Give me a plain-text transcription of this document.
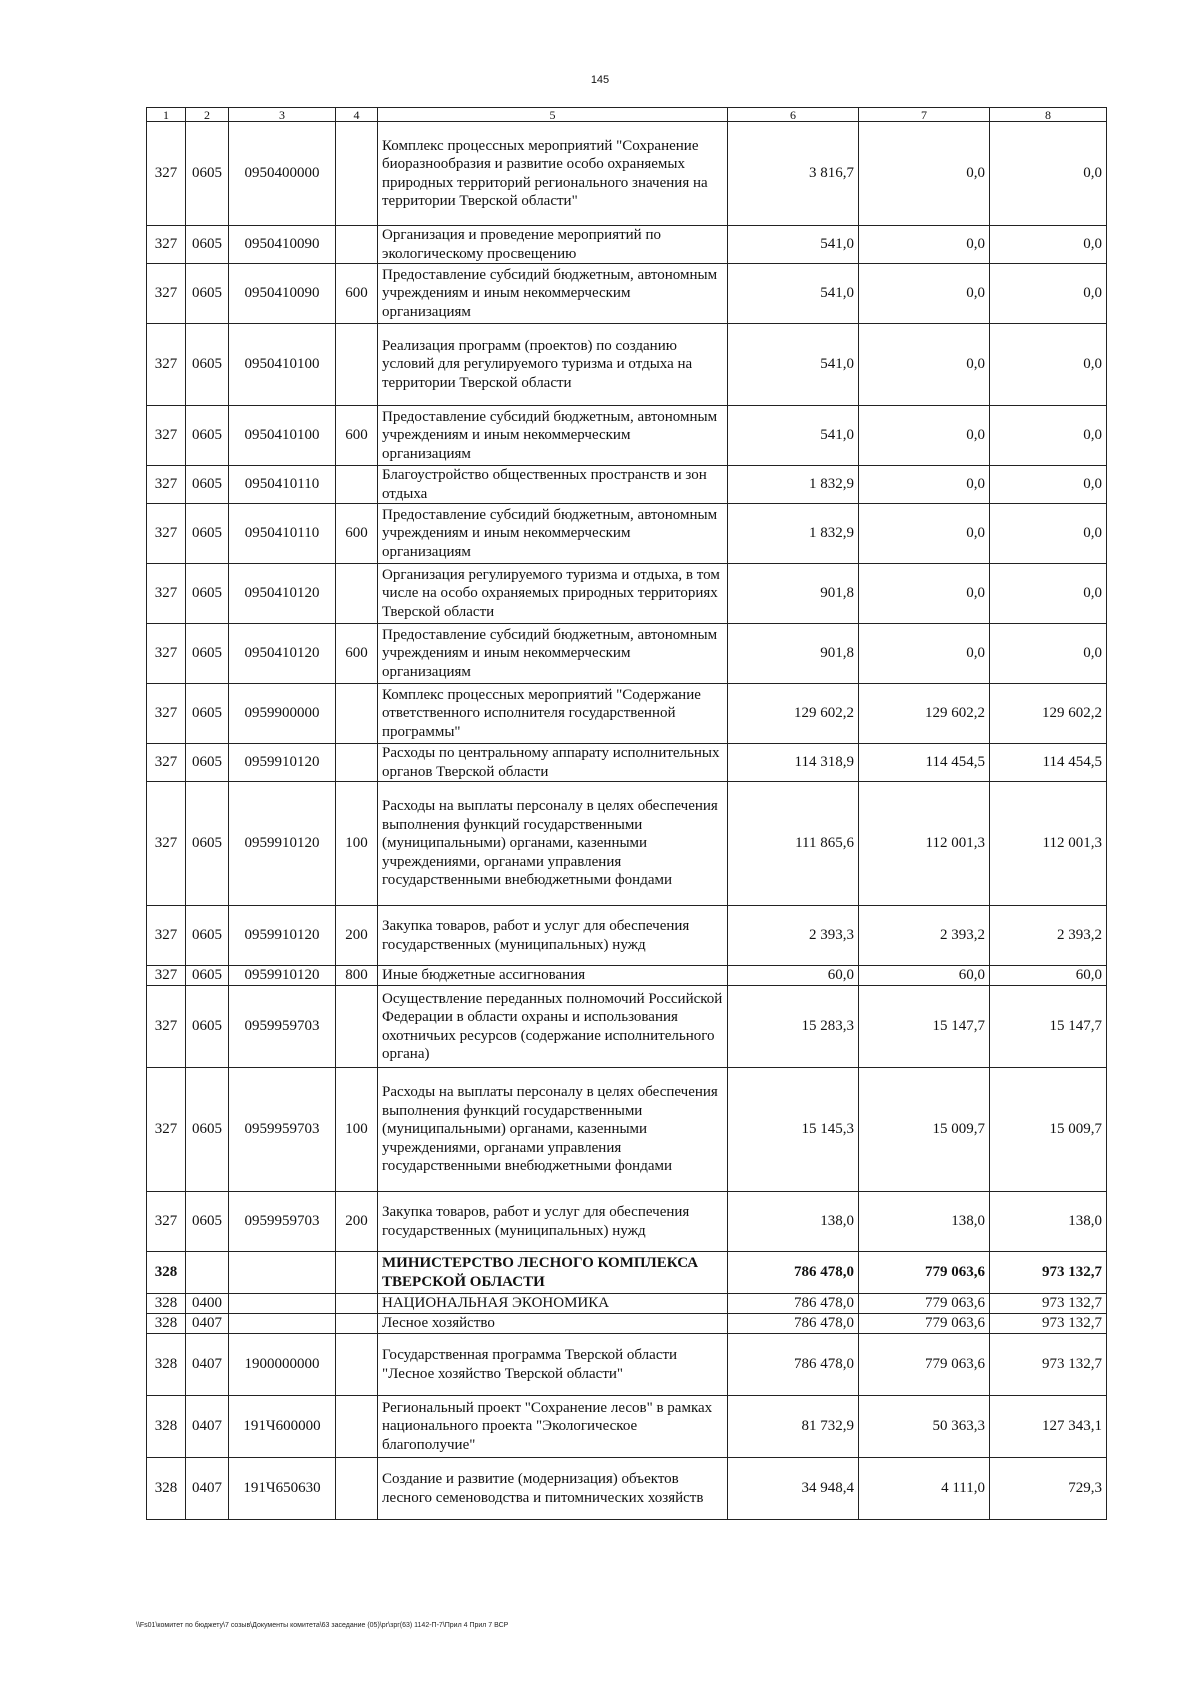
145
1	2	3	4	5	6	7	8
327	0605	0950400000		Комплекс процессных мероприятий "Сохранение биоразнообразия и развитие особо охраняемых природных территорий регионального значения на территории Тверской области"	3 816,7	0,0	0,0
327	0605	0950410090		Организация и проведение мероприятий по экологическому просвещению	541,0	0,0	0,0
327	0605	0950410090	600	Предоставление субсидий бюджетным, автономным учреждениям и иным некоммерческим организациям	541,0	0,0	0,0
327	0605	0950410100		Реализация программ (проектов) по созданию условий для регулируемого туризма и отдыха на территории Тверской области	541,0	0,0	0,0
327	0605	0950410100	600	Предоставление субсидий бюджетным, автономным учреждениям и иным некоммерческим организациям	541,0	0,0	0,0
327	0605	0950410110		Благоустройство общественных пространств и зон отдыха	1 832,9	0,0	0,0
327	0605	0950410110	600	Предоставление субсидий бюджетным, автономным учреждениям и иным некоммерческим организациям	1 832,9	0,0	0,0
327	0605	0950410120		Организация регулируемого туризма и отдыха, в том числе на особо охраняемых природных территориях Тверской области	901,8	0,0	0,0
327	0605	0950410120	600	Предоставление субсидий бюджетным, автономным учреждениям и иным некоммерческим организациям	901,8	0,0	0,0
327	0605	0959900000		Комплекс процессных мероприятий "Содержание ответственного исполнителя государственной программы"	129 602,2	129 602,2	129 602,2
327	0605	0959910120		Расходы по центральному аппарату исполнительных органов Тверской области	114 318,9	114 454,5	114 454,5
327	0605	0959910120	100	Расходы на выплаты персоналу в целях обеспечения выполнения функций государственными (муниципальными) органами, казенными учреждениями, органами управления государственными внебюджетными фондами	111 865,6	112 001,3	112 001,3
327	0605	0959910120	200	Закупка товаров, работ и услуг для обеспечения государственных (муниципальных) нужд	2 393,3	2 393,2	2 393,2
327	0605	0959910120	800	Иные бюджетные ассигнования	60,0	60,0	60,0
327	0605	0959959703		Осуществление переданных полномочий Российской Федерации в области охраны и использования охотничьих ресурсов (содержание исполнительного органа)	15 283,3	15 147,7	15 147,7
327	0605	0959959703	100	Расходы на выплаты персоналу в целях обеспечения выполнения функций государственными (муниципальными) органами, казенными учреждениями, органами управления государственными внебюджетными фондами	15 145,3	15 009,7	15 009,7
327	0605	0959959703	200	Закупка товаров, работ и услуг для обеспечения государственных (муниципальных) нужд	138,0	138,0	138,0
328				МИНИСТЕРСТВО ЛЕСНОГО КОМПЛЕКСА ТВЕРСКОЙ ОБЛАСТИ	786 478,0	779 063,6	973 132,7
328	0400			НАЦИОНАЛЬНАЯ ЭКОНОМИКА	786 478,0	779 063,6	973 132,7
328	0407			Лесное хозяйство	786 478,0	779 063,6	973 132,7
328	0407	1900000000		Государственная программа Тверской области "Лесное хозяйство Тверской области"	786 478,0	779 063,6	973 132,7
328	0407	191Ч600000		Региональный проект "Сохранение лесов" в рамках национального проекта "Экологическое благополучие"	81 732,9	50 363,3	127 343,1
328	0407	191Ч650630		Создание и развитие (модернизация) объектов лесного семеноводства и питомнических хозяйств	34 948,4	4 111,0	729,3
\\Fs01\комитет по бюджету\7 созыв\Документы комитета\63 заседание (05)\рг\зрг(63) 1142-П-7\Прил 4 Прил 7 ВСР
